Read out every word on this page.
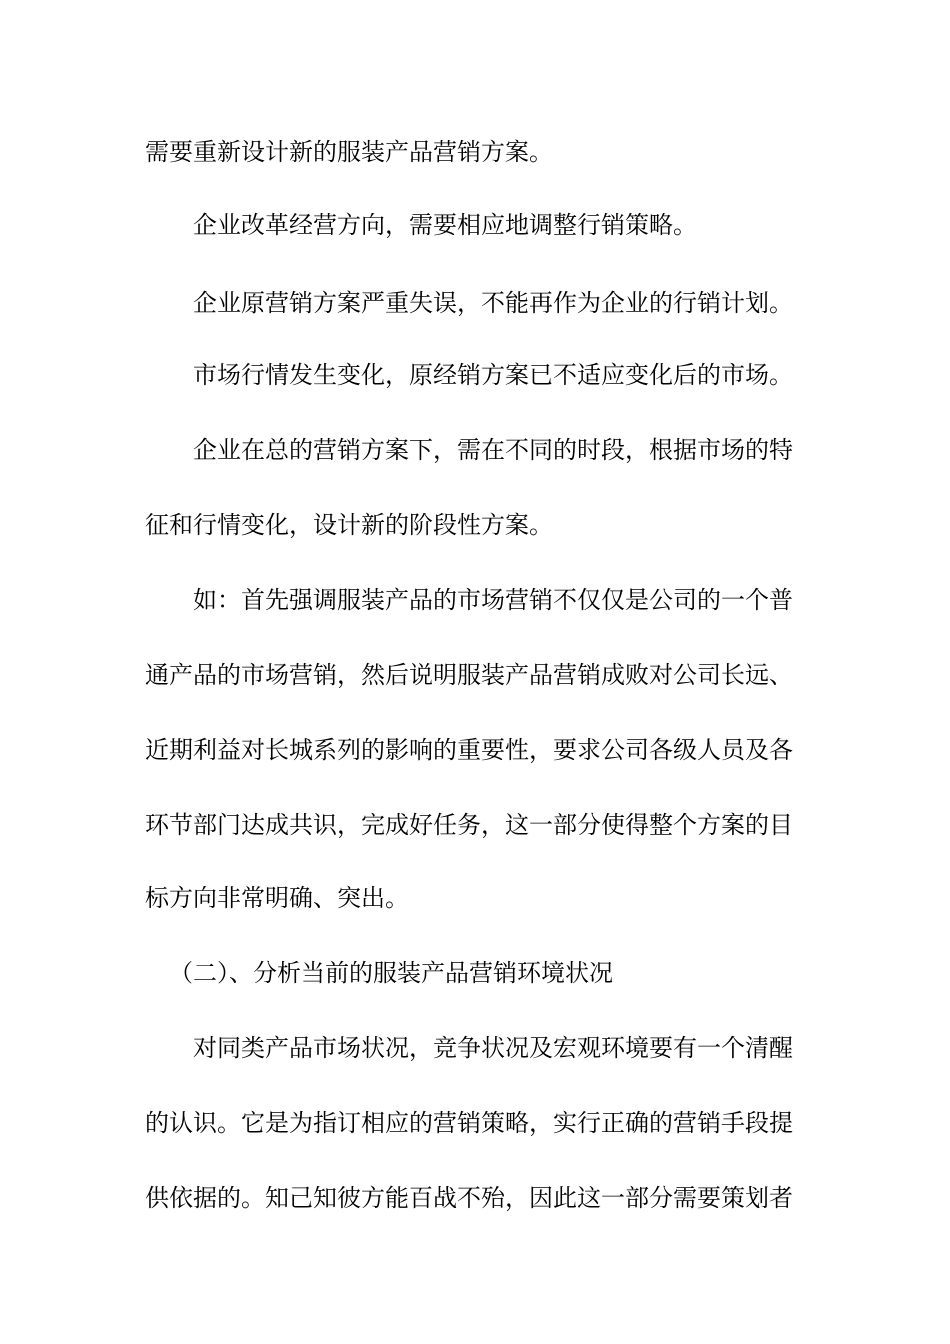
需要重新设计新的服装产品营销方案。
企业改革经营方向，需要相应地调整行销策略。
企业原营销方案严重失误，不能再作为企业的行销计划。
市场行情发生变化，原经销方案已不适应变化后的市场。
企业在总的营销方案下，需在不同的时段，根据市场的特
征和行情变化，设计新的阶段性方案。
如：首先强调服装产品的市场营销不仅仅是公司的一个普
通产品的市场营销，然后说明服装产品营销成败对公司长远、
近期利益对长城系列的影响的重要性，要求公司各级人员及各
环节部门达成共识，完成好任务，这一部分使得整个方案的目
标方向非常明确、突出。
（二）、分析当前的服装产品营销环境状况
对同类产品市场状况，竞争状况及宏观环境要有一个清醒
的认识。它是为指订相应的营销策略，实行正确的营销手段提
供依据的。知己知彼方能百战不殆，因此这一部分需要策划者
